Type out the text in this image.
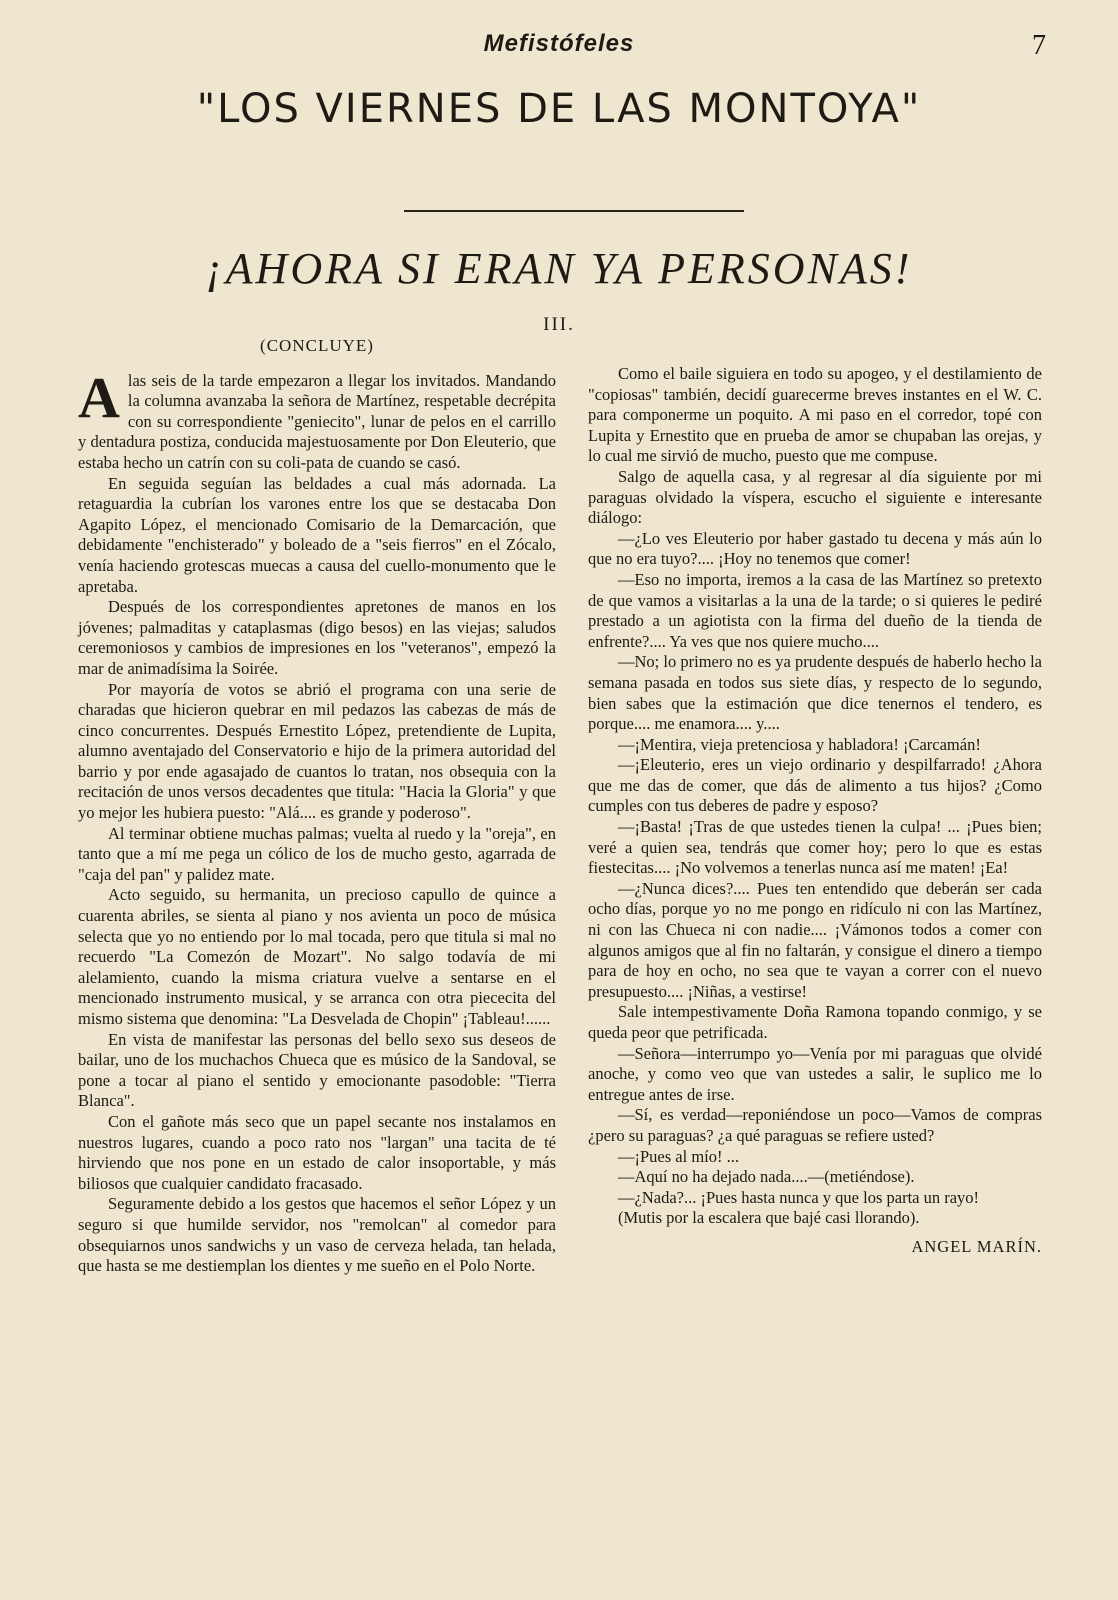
Mefistófeles	7
"LOS VIERNES DE LAS MONTOYA"
¡AHORA SI ERAN YA PERSONAS!
III.
(CONCLUYE)

A las seis de la tarde empezaron a llegar los invitados. Mandando la columna avanzaba la señora de Martínez, respetable decrépita con su correspondiente "geniecito", lunar de pelos en el carrillo y dentadura postiza, conducida majestuosamente por Don Eleuterio, que estaba hecho un catrín con su coli-pata de cuando se casó.

En seguida seguían las beldades a cual más adornada. La retaguardia la cubrían los varones entre los que se destacaba Don Agapito López, el mencionado Comisario de la Demarcación, que debidamente "enchisterado" y boleado de a "seis fierros" en el Zócalo, venía haciendo grotescas muecas a causa del cuello-monumento que le apretaba.

Después de los correspondientes apretones de manos en los jóvenes; palmaditas y cataplasmas (digo besos) en las viejas; saludos ceremoniosos y cambios de impresiones en los "veteranos", empezó la mar de animadísima la Soirée.

Por mayoría de votos se abrió el programa con una serie de charadas que hicieron quebrar en mil pedazos las cabezas de más de cinco concurrentes. Después Ernestito López, pretendiente de Lupita, alumno aventajado del Conservatorio e hijo de la primera autoridad del barrio y por ende agasajado de cuantos lo tratan, nos obsequia con la recitación de unos versos decadentes que titula: "Hacia la Gloria" y que yo mejor les hubiera puesto: "Alá.... es grande y poderoso".

Al terminar obtiene muchas palmas; vuelta al ruedo y la "oreja", en tanto que a mí me pega un cólico de los de mucho gesto, agarrada de "caja del pan" y palidez mate.

Acto seguido, su hermanita, un precioso capullo de quince a cuarenta abriles, se sienta al piano y nos avienta un poco de música selecta que yo no entiendo por lo mal tocada, pero que titula si mal no recuerdo "La Comezón de Mozart". No salgo todavía de mi alelamiento, cuando la misma criatura vuelve a sentarse en el mencionado instrumento musical, y se arranca con otra piececita del mismo sistema que denomina: "La Desvelada de Chopin" ¡Tableau!......

En vista de manifestar las personas del bello sexo sus deseos de bailar, uno de los muchachos Chueca que es músico de la Sandoval, se pone a tocar al piano el sentido y emocionante pasodoble: "Tierra Blanca".

Con el gañote más seco que un papel secante nos instalamos en nuestros lugares, cuando a poco rato nos "largan" una tacita de té hirviendo que nos pone en un estado de calor insoportable, y más biliosos que cualquier candidato fracasado.

Seguramente debido a los gestos que hacemos el señor López y un seguro si que humilde servidor, nos "remolcan" al comedor para obsequiarnos unos sandwichs y un vaso de cerveza helada, tan helada, que hasta se me destiemplan los dientes y me sueño en el Polo Norte.

Como el baile siguiera en todo su apogeo, y el destilamiento de "copiosas" también, decidí guarecerme breves instantes en el W. C. para componerme un poquito. A mi paso en el corredor, topé con Lupita y Ernestito que en prueba de amor se chupaban las orejas, y lo cual me sirvió de mucho, puesto que me compuse.

Salgo de aquella casa, y al regresar al día siguiente por mi paraguas olvidado la víspera, escucho el siguiente e interesante diálogo:

—¿Lo ves Eleuterio por haber gastado tu decena y más aún lo que no era tuyo?.... ¡Hoy no tenemos que comer!

—Eso no importa, iremos a la casa de las Martínez so pretexto de que vamos a visitarlas a la una de la tarde; o si quieres le pediré prestado a un agiotista con la firma del dueño de la tienda de enfrente?.... Ya ves que nos quiere mucho....

—No; lo primero no es ya prudente después de haberlo hecho la semana pasada en todos sus siete días, y respecto de lo segundo, bien sabes que la estimación que dice tenernos el tendero, es porque.... me enamora.... y....

—¡Mentira, vieja pretenciosa y habladora! ¡Carcamán!

—¡Eleuterio, eres un viejo ordinario y despilfarrado! ¿Ahora que me das de comer, que dás de alimento a tus hijos? ¿Como cumples con tus deberes de padre y esposo?

—¡Basta! ¡Tras de que ustedes tienen la culpa! ... ¡Pues bien; veré a quien sea, tendrás que comer hoy; pero lo que es estas fiestecitas.... ¡No volvemos a tenerlas nunca así me maten! ¡Ea!

—¿Nunca dices?.... Pues ten entendido que deberán ser cada ocho días, porque yo no me pongo en ridículo ni con las Martínez, ni con las Chueca ni con nadie.... ¡Vámonos todos a comer con algunos amigos que al fin no faltarán, y consigue el dinero a tiempo para de hoy en ocho, no sea que te vayan a correr con el nuevo presupuesto.... ¡Niñas, a vestirse!

Sale intempestivamente Doña Ramona topando conmigo, y se queda peor que petrificada.

—Señora—interrumpo yo—Venía por mi paraguas que olvidé anoche, y como veo que van ustedes a salir, le suplico me lo entregue antes de irse.

—Sí, es verdad—reponiéndose un poco—Vamos de compras ¿pero su paraguas? ¿a qué paraguas se refiere usted?

—¡Pues al mío! ...

—Aquí no ha dejado nada....—(metiéndose).

—¿Nada?... ¡Pues hasta nunca y que los parta un rayo!

(Mutis por la escalera que bajé casi llorando).

ANGEL MARÍN.
